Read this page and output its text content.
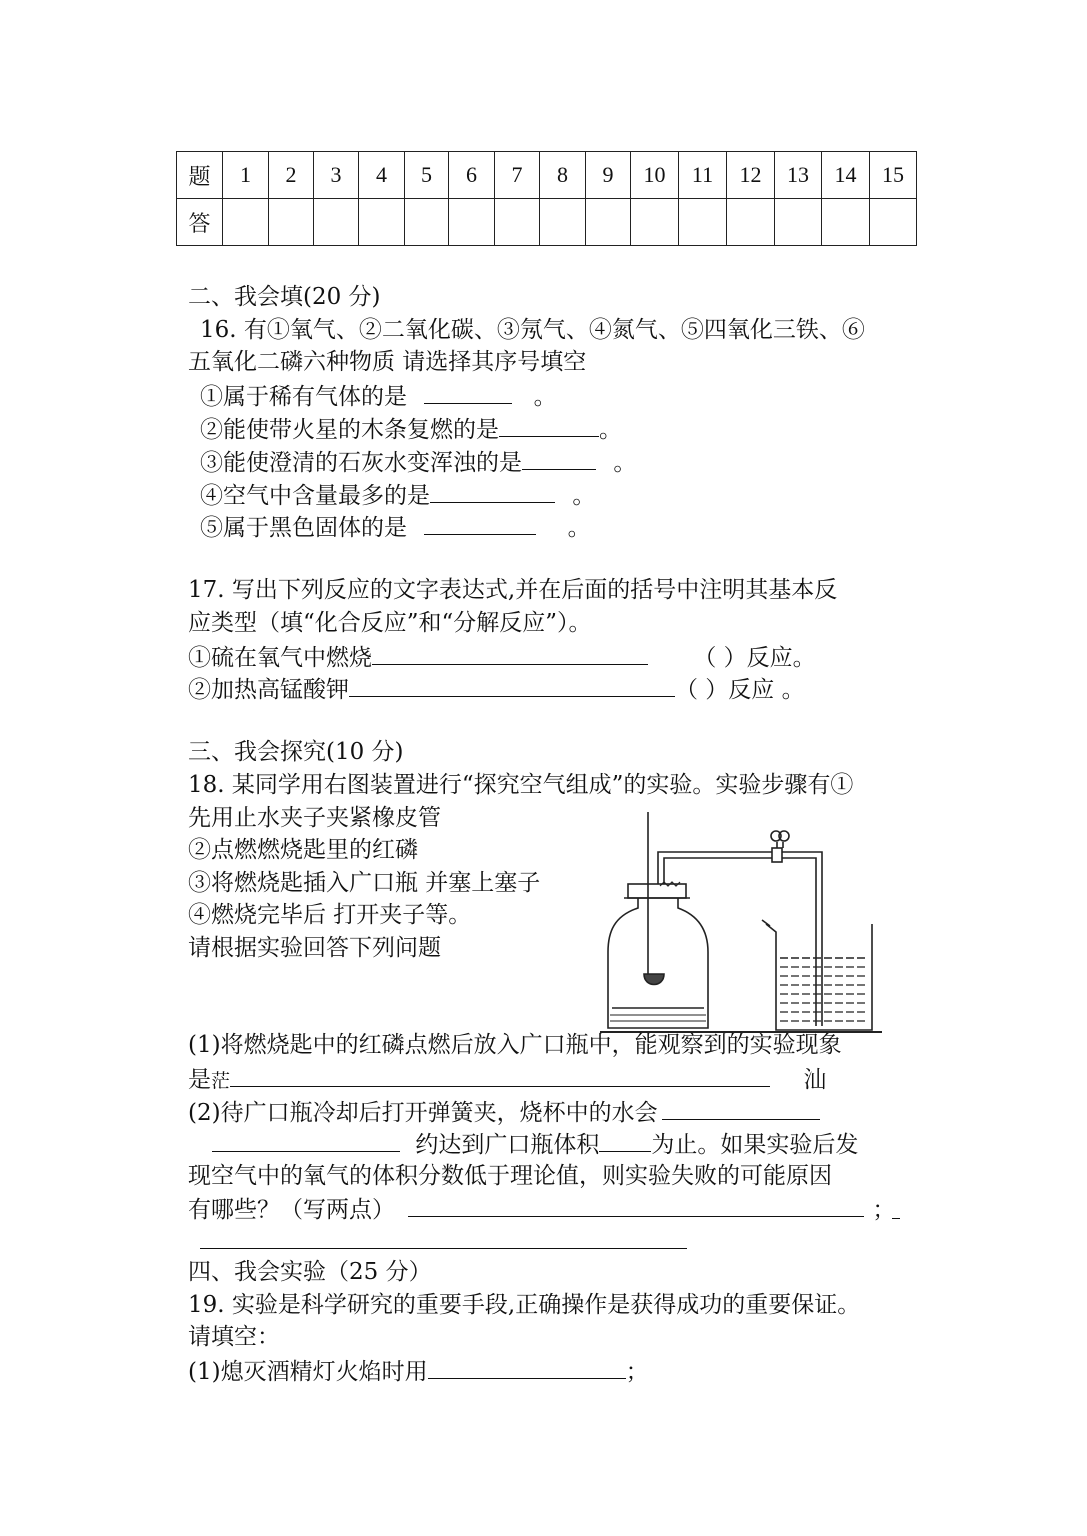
题	1	2	3	4	5	6	7	8	9	10	11	12	13	14	15
答															
二、我会填(20 分)
16. 有①氧气、②二氧化碳、③氖气、④氮气、⑤四氧化三铁、⑥
五氧化二磷六种物质 请选择其序号填空
①属于稀有气体的是	。
②能使带火星的木条复燃的是	。
③能使澄清的石灰水变浑浊的是	。
④空气中含量最多的是	。
⑤属于黑色固体的是	。
17. 写出下列反应的文字表达式,并在后面的括号中注明其基本反
应类型（填“化合反应”和“分解反应”）。
①硫在氧气中燃烧	（ ）反应。
②加热高锰酸钾	（ ）反应 。
三、我会探究(10 分)
18. 某同学用右图装置进行“探究空气组成”的实验。实验步骤有①
先用止水夹子夹紧橡皮管
②点燃燃烧匙里的红磷
③将燃烧匙插入广口瓶 并塞上塞子
④燃烧完毕后 打开夹子等。
请根据实验回答下列问题
(1)将燃烧匙中的红磷点燃后放入广口瓶中，能观察到的实验现象
是茫	汕
(2)待广口瓶冷却后打开弹簧夹，烧杯中的水会
约达到广口瓶体积 为止。如果实验后发
现空气中的氧气的体积分数低于理论值，则实验失败的可能原因
有哪些？（写两点）	；
四、我会实验（25 分）
19. 实验是科学研究的重要手段,正确操作是获得成功的重要保证。
请填空：
(1)熄灭酒精灯火焰时用	；
